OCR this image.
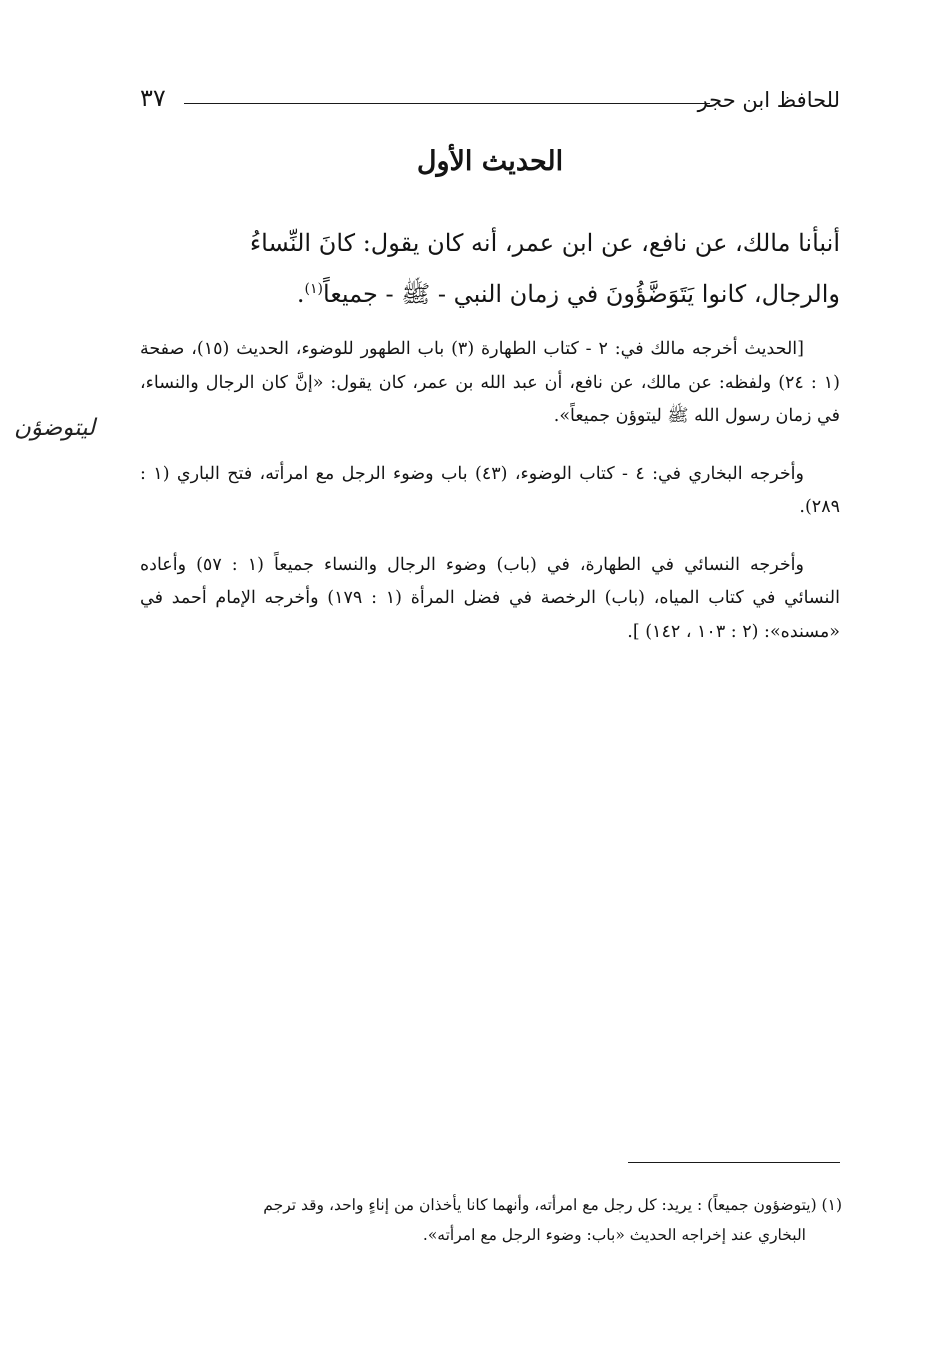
للحافظ ابن حجر
٣٧
الحديث الأول

أنبأنا مالك، عن نافع، عن ابن عمر، أنه كان يقول: كانَ النِّساءُ

والرجال، كانوا يَتَوَضَّؤُونَ في زمان النبي - ﷺ - جميعاً$^{(١)}$.

[الحديث أخرجه مالك في: ٢ - كتاب الطهارة (٣) باب الطهور للوضوء، الحديث (١٥)، صفحة (١ : ٢٤) ولفظه: عن مالك، عن نافع، أن عبد الله بن عمر، كان يقول: «إنَّ كان الرجال والنساء، في زمان رسول الله ﷺ ليتوؤن جميعاً».

وأخرجه البخاري في: ٤ - كتاب الوضوء، (٤٣) باب وضوء الرجل مع امرأته، فتح الباري (١ : ٢٨٩).

وأخرجه النسائي في الطهارة، في (باب) وضوء الرجال والنساء جميعاً (١ : ٥٧) وأعاده النسائي في كتاب المياه، (باب) الرخصة في فضل المرأة (١ : ١٧٩) وأخرجه الإمام أحمد في «مسنده»: (٢ : ١٠٣ ، ١٤٢) ].

ليتوضؤن

(١) (يتوضؤون جميعاً) : يريد: كل رجل مع امرأته، وأنهما كانا يأخذان من إناءٍ واحد، وقد ترجم

البخاري عند إخراجه الحديث «باب: وضوء الرجل مع امرأته».
